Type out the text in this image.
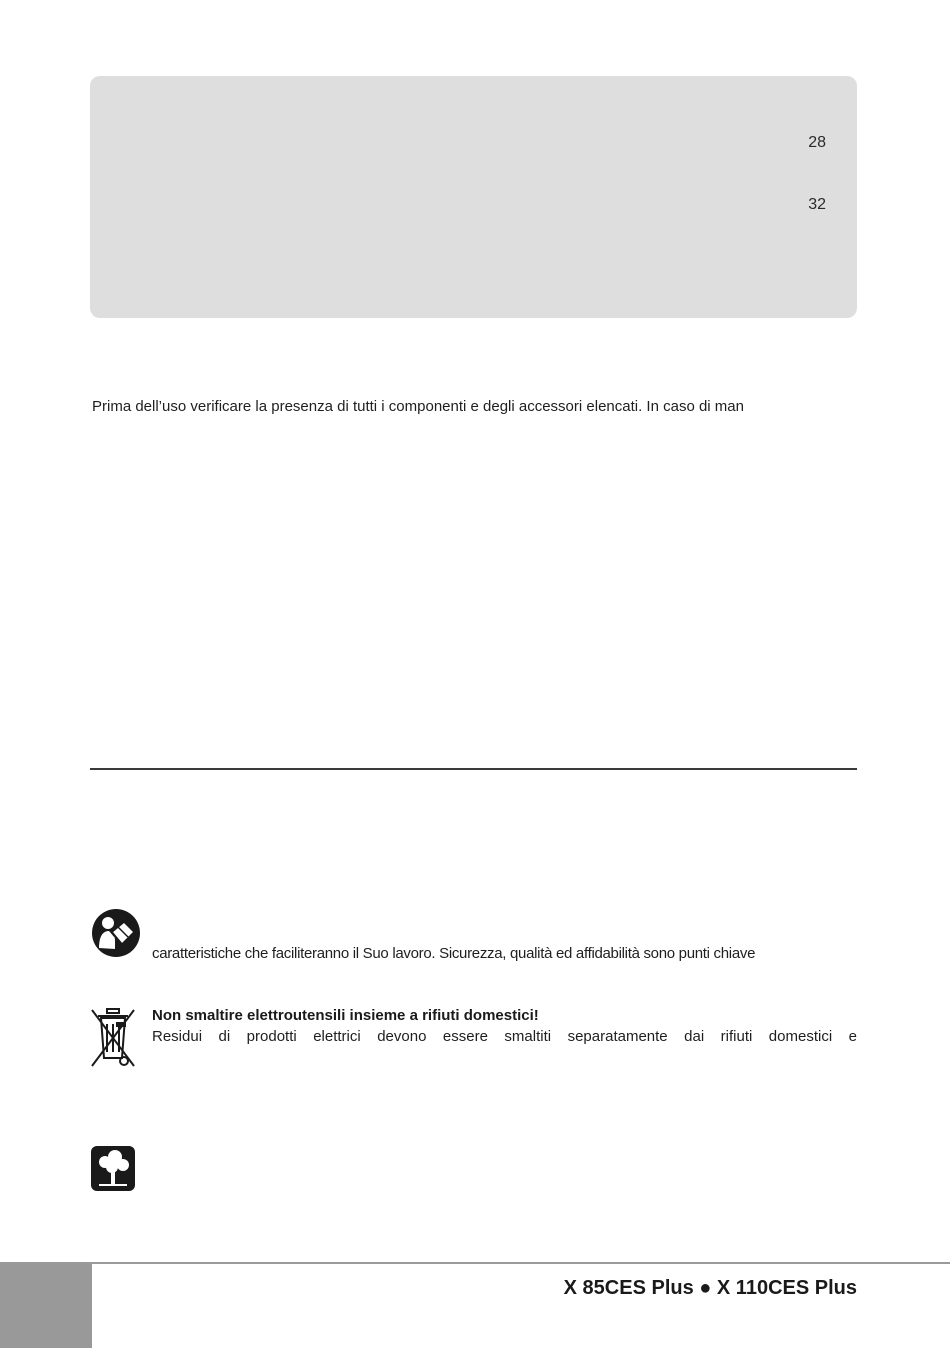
28
32
Prima dell’uso verificare la presenza di tutti i componenti e degli accessori elencati. In caso di man
caratteristiche che faciliteranno il Suo lavoro. Sicurezza, qualità ed affidabilità sono punti chiave
Non smaltire elettroutensili insieme a rifiuti domestici!
Residui di prodotti elettrici devono essere smaltiti separatamente dai rifiuti domestici e
X 85CES Plus ● X 110CES Plus
